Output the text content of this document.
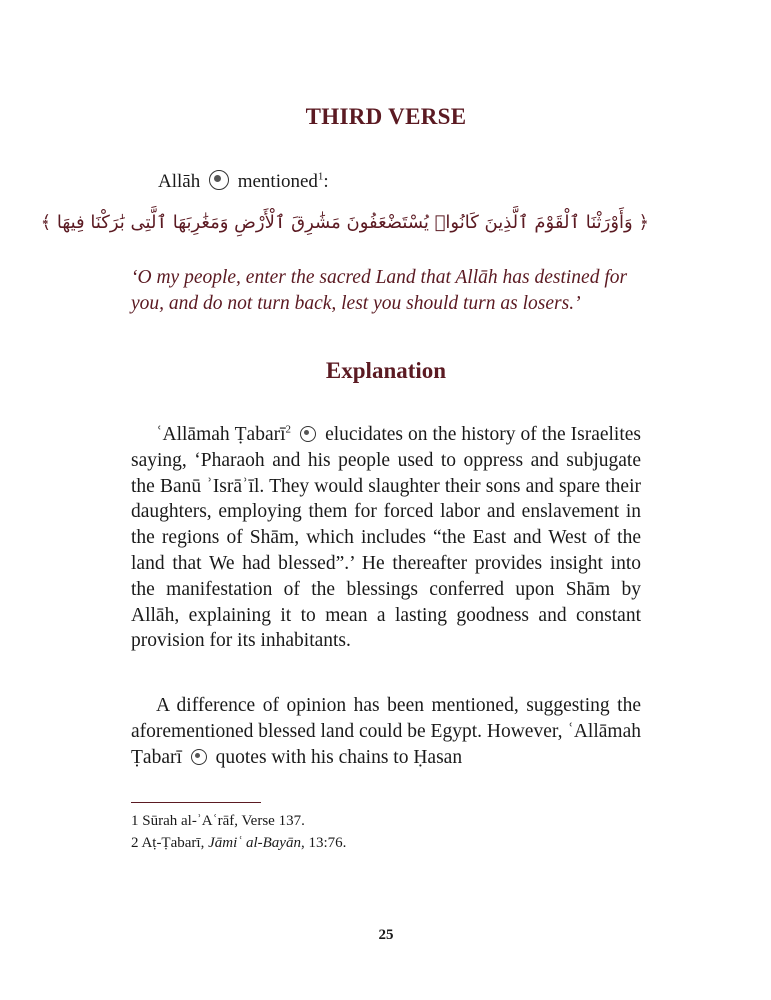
THIRD VERSE
Allāh mentioned$^1$:
﴿ وَأَوْرَثْنَا ٱلْقَوْمَ ٱلَّذِينَ كَانُوا۟ يُسْتَضْعَفُونَ مَشَٰرِقَ ٱلْأَرْضِ وَمَغَٰرِبَهَا ٱلَّتِى بَٰرَكْنَا فِيهَا ﴾
‘O my people, enter the sacred Land that Allāh has destined for you, and do not turn back, lest you should turn as losers.’
Explanation

ʿAllāmah Ṭabarī$^2$ elucidates on the history of the Israelites saying, ‘Pharaoh and his people used to oppress and subjugate the Banū ʾIsrāʾīl. They would slaughter their sons and spare their daughters, employing them for forced labor and enslavement in the regions of Shām, which includes “the East and West of the land that We had blessed”.’ He thereafter provides insight into the manifestation of the blessings conferred upon Shām by Allāh, explaining it to mean a lasting goodness and constant provision for its inhabitants.

A difference of opinion has been mentioned, suggesting the aforementioned blessed land could be Egypt. However, ʿAllāmah Ṭabarī quotes with his chains to Ḥasan

1 Sūrah al-ʾAʿrāf, Verse 137.
2 Aṭ-Ṭabarī, Jāmiʿ al-Bayān, 13:76.
25
